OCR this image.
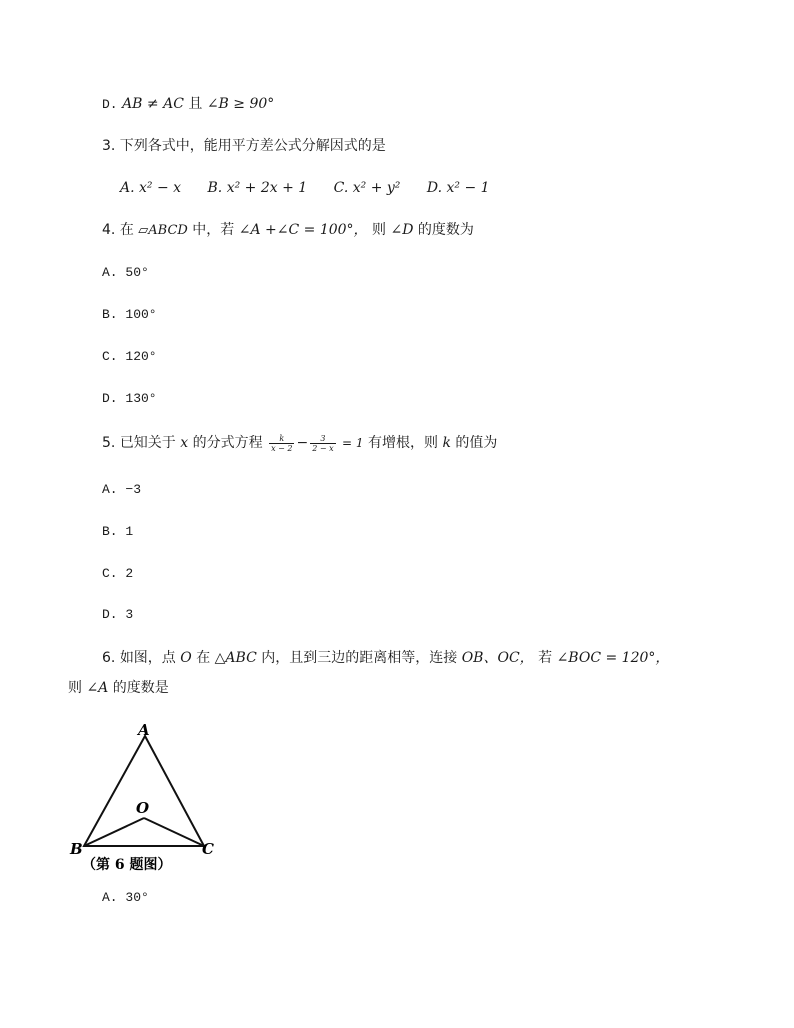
D. AB ≠ AC 且 ∠B ≥ 90°
3. 下列各式中，能用平方差公式分解因式的是
A. x² − x B. x² + 2x + 1 C. x² + y² D. x² − 1
4. 在 ▱ABCD 中，若 ∠A +∠C = 100°， 则 ∠D 的度数为
A. 50°
B. 100°
C. 120°
D. 130°
5. 已知关于 x 的分式方程 $\frac{k}{x - 2} - \frac{3}{2 - x} = 1$ 有增根，则 k 的值为
A. −3
B. 1
C. 2
D. 3
6. 如图，点 O 在 △ABC 内，且到三边的距离相等，连接 OB、OC， 若 ∠BOC = 120°，
则 ∠A 的度数是
A
O
B	C
（第 6 题图）
A. 30°
